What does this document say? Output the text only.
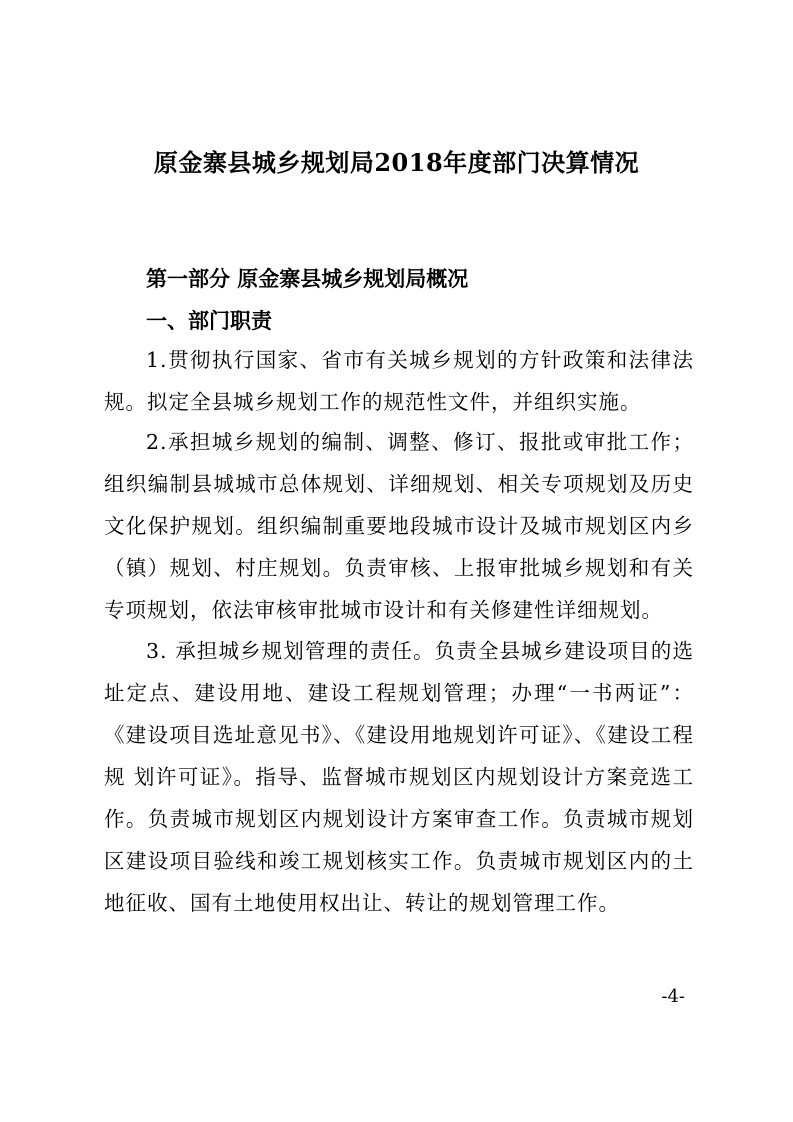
原金寨县城乡规划局2018年度部门决算情况
第一部分 原金寨县城乡规划局概况
一、部门职责

1.贯彻执行国家、省市有关城乡规划的方针政策和法律法规。拟定全县城乡规划工作的规范性文件，并组织实施。

2.承担城乡规划的编制、调整、修订、报批或审批工作；组织编制县城城市总体规划、详细规划、相关专项规划及历史文化保护规划。组织编制重要地段城市设计及城市规划区内乡（镇）规划、村庄规划。负责审核、上报审批城乡规划和有关专项规划，依法审核审批城市设计和有关修建性详细规划。

3. 承担城乡规划管理的责任。负责全县城乡建设项目的选址定点、建设用地、建设工程规划管理；办理“一书两证”：《建设项目选址意见书》、《建设用地规划许可证》、《建设工程规 划许可证》。指导、监督城市规划区内规划设计方案竞选工作。负责城市规划区内规划设计方案审查工作。负责城市规划区建设项目验线和竣工规划核实工作。负责城市规划区内的土地征收、国有土地使用权出让、转让的规划管理工作。

-4-
